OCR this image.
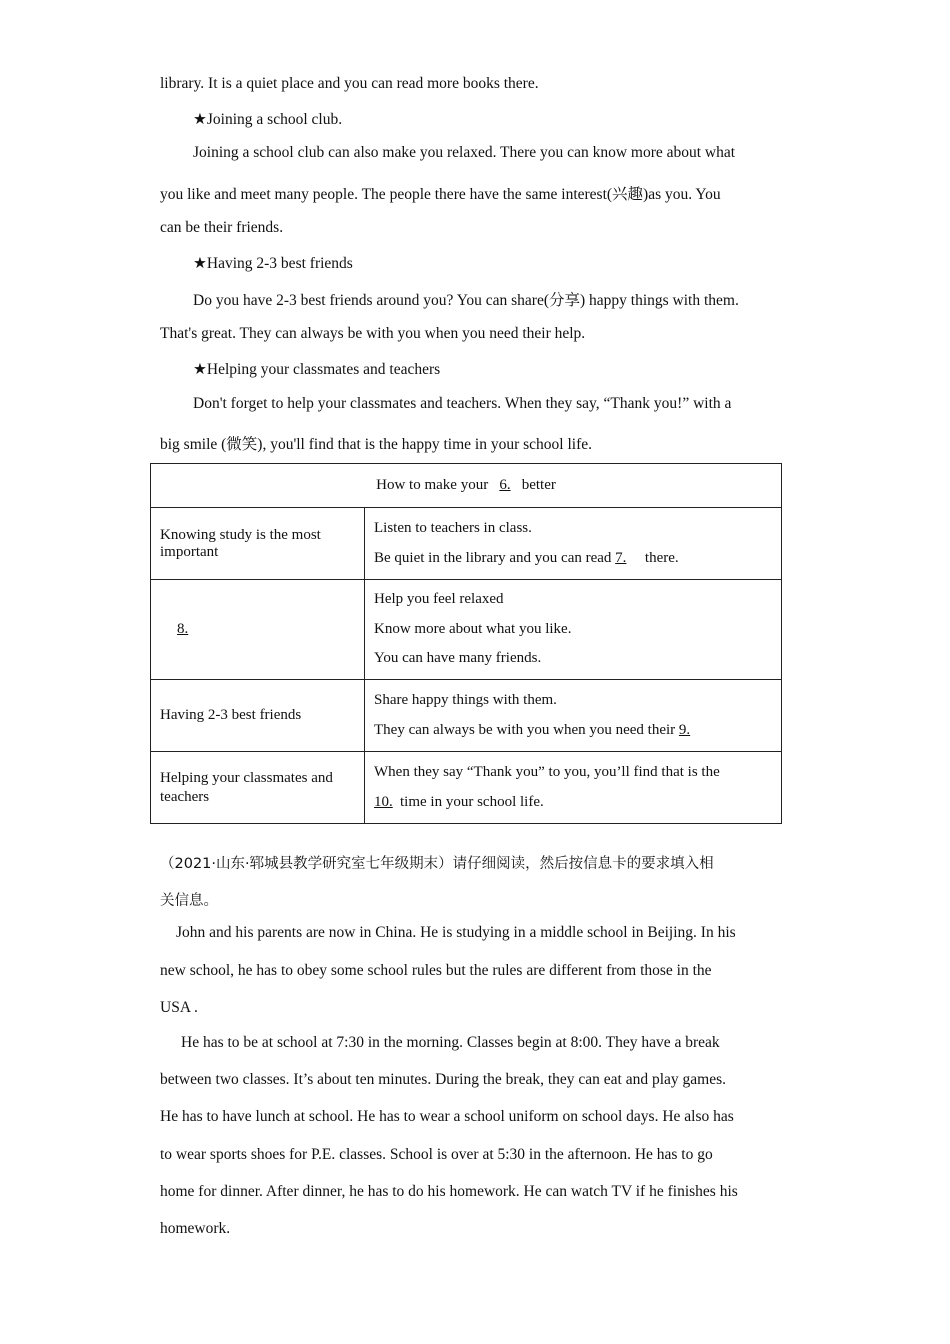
library. It is a quiet place and you can read more books there.
★Joining a school club.
Joining a school club can also make you relaxed. There you can know more about what
you like and meet many people. The people there have the same interest(兴趣)as you. You
can be their friends.
★Having 2-3 best friends
Do you have 2-3 best friends around you? You can share(分享) happy things with them.
That's great. They can always be with you when you need their help.
★Helping your classmates and teachers
Don't forget to help your classmates and teachers. When they say, “Thank you!” with a
big smile (微笑), you'll find that is the happy time in your school life.
How to make your 6. better	
Knowing study is the most important	Listen to teachers in class.

Be quiet in the library and you can read 7. there.

8.	Help you feel relaxed

Know more about what you like.

You can have many friends.

Having 2-3 best friends	Share happy things with them.

They can always be with you when you need their 9.

Helping your classmates and teachers	When they say “Thank you” to you, you’ll find that is the

10. time in your school life.

（2021·山东·郓城县教学研究室七年级期末）请仔细阅读，然后按信息卡的要求填入相
关信息。
John and his parents are now in China. He is studying in a middle school in Beijing. In his
new school, he has to obey some school rules but the rules are different from those in the
USA .
He has to be at school at 7:30 in the morning. Classes begin at 8:00. They have a break
between two classes. It’s about ten minutes. During the break, they can eat and play games.
He has to have lunch at school. He has to wear a school uniform on school days. He also has
to wear sports shoes for P.E. classes. School is over at 5:30 in the afternoon. He has to go
home for dinner. After dinner, he has to do his homework. He can watch TV if he finishes his
homework.
